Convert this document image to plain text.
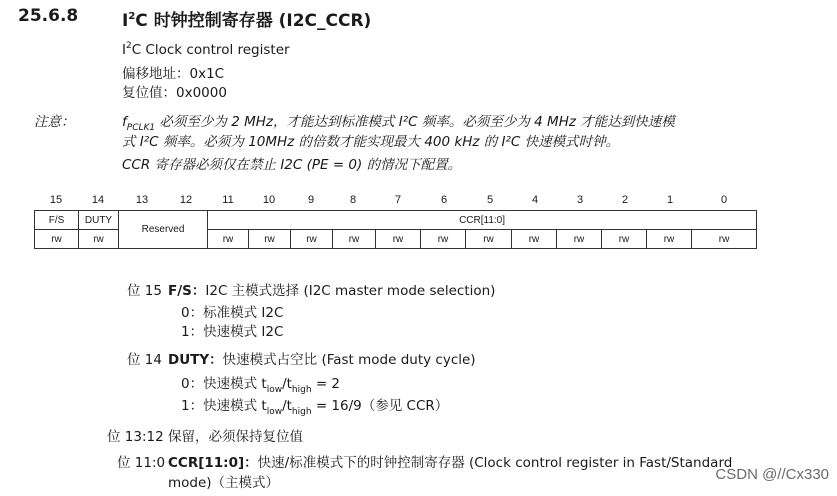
25.6.8	$I^2C$ 时钟控制寄存器 (I2C_CCR)
$I^2C$ Clock control register
偏移地址：0x1C
复位值：0x0000
注意：	$f_{PCLK1}$ 必须至少为 2 MHz，才能达到标准模式 I²C 频率。必须至少为 4 MHz 才能达到快速模
式 I²C 频率。必须为 10MHz 的倍数才能实现最大 400 kHz 的 I²C 快速模式时钟。
CCR 寄存器必须仅在禁止 I2C (PE = 0) 的情况下配置。
15	14	13	12	11	10	9	8	7	6	5	4	3	2	1	0
F/S	DUTY	Reserved	CCR[11:0]											
rw	rw		rw	rw	rw	rw	rw	rw	rw	rw	rw	rw	rw	rw
位 15 F/S：I2C 主模式选择 (I2C master mode selection)
0：标准模式 I2C
1：快速模式 I2C
位 14 DUTY：快速模式占空比 (Fast mode duty cycle)
0：快速模式 $t_{low}/t_{high} = 2$
1：快速模式 $t_{low}/t_{high} = 16/9$（参见 CCR）
位 13:12 保留，必须保持复位值
位 11:0 CCR[11:0]：快速/标准模式下的时钟控制寄存器 (Clock control register in Fast/Standard
mode)（主模式）	CSDN @//Cx330
